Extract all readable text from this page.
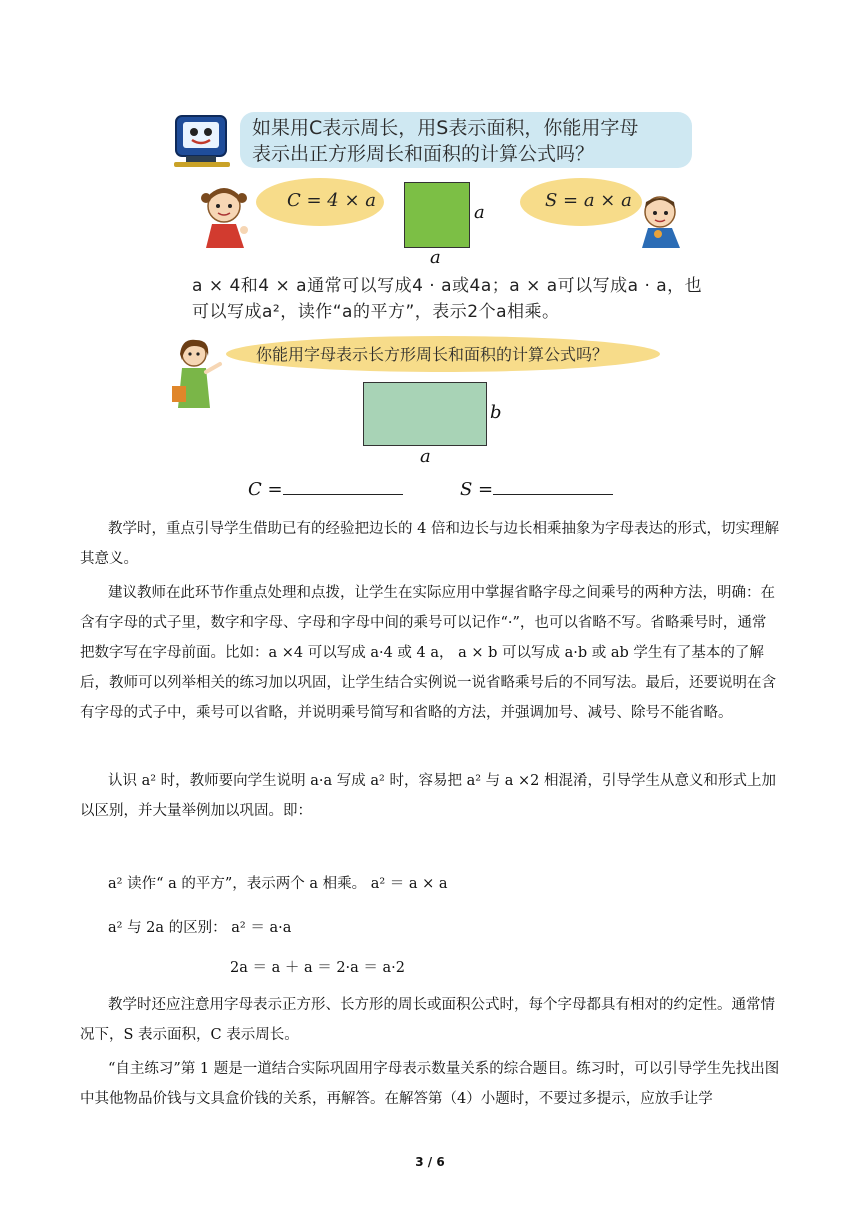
如果用C表示周长，用S表示面积，你能用字母
表示出正方形周长和面积的计算公式吗？
C = 4 × a
a
a
S = a × a
a × 4和4 × a通常可以写成4 · a或4a；a × a可以写成a · a，也
可以写成a²，读作“a的平方”，表示2个a相乘。
你能用字母表示长方形周长和面积的计算公式吗？
b
a
C =	S =
教学时，重点引导学生借助已有的经验把边长的 4 倍和边长与边长相乘抽象为字母表达的形式，切实理解其意义。
建议教师在此环节作重点处理和点拨，让学生在实际应用中掌握省略字母之间乘号的两种方法，明确：在含有字母的式子里，数字和字母、字母和字母中间的乘号可以记作“·”，也可以省略不写。省略乘号时，通常把数字写在字母前面。比如：a ×4 可以写成 a·4 或 4 a， a × b 可以写成 a·b 或 ab 学生有了基本的了解后，教师可以列举相关的练习加以巩固，让学生结合实例说一说省略乘号后的不同写法。最后，还要说明在含有字母的式子中，乘号可以省略，并说明乘号简写和省略的方法，并强调加号、减号、除号不能省略。
认识 a² 时，教师要向学生说明 a·a 写成 a² 时，容易把 a² 与 a ×2 相混淆，引导学生从意义和形式上加以区别，并大量举例加以巩固。即：
a² 读作“ a 的平方”，表示两个 a 相乘。 a² ＝ a × a
a² 与 2a 的区别： a² ＝ a·a
2a ＝ a ＋ a ＝ 2·a ＝ a·2
教学时还应注意用字母表示正方形、长方形的周长或面积公式时，每个字母都具有相对的约定性。通常情况下，S 表示面积，C 表示周长。
“自主练习”第 1 题是一道结合实际巩固用字母表示数量关系的综合题目。练习时，可以引导学生先找出图中其他物品价钱与文具盒价钱的关系，再解答。在解答第（4）小题时，不要过多提示，应放手让学
3 / 6
